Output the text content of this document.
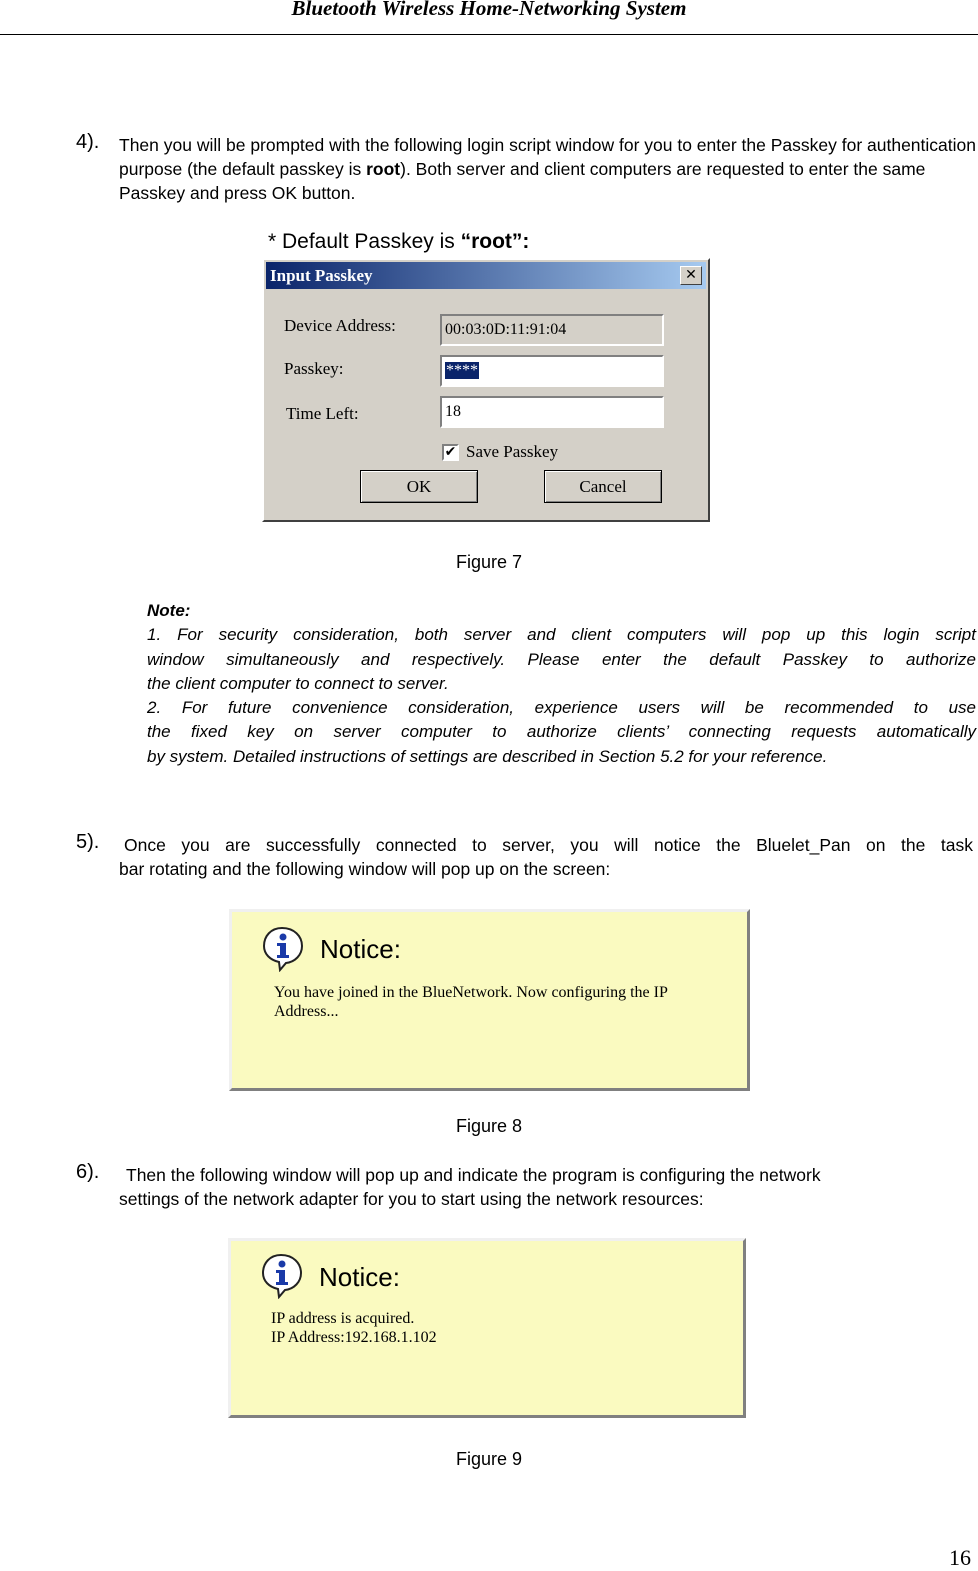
Bluetooth Wireless Home-Networking System
4). Then you will be prompted with the following login script window for you to enter the Passkey for authentication purpose (the default passkey is root). Both server and client computers are requested to enter the same Passkey and press OK button.
* Default Passkey is “root”:
Input Passkey	✕
Device Address:	00:03:0D:11:91:04
Passkey:	****
Time Left:	18
✔ Save Passkey
OK	Cancel
Figure 7
Note:
1. For security consideration, both server and client computers will pop up this login script
window simultaneously and respectively. Please enter the default Passkey to authorize
the client computer to connect to server.
2. For future convenience consideration, experience users will be recommended to use
the fixed key on server computer to authorize clients’ connecting requests automatically
by system. Detailed instructions of settings are described in Section 5.2 for your reference.
5). Once you are successfully connected to server, you will notice the Bluelet_Pan on the task
bar rotating and the following window will pop up on the screen:
Notice:
You have joined in the BlueNetwork. Now configuring the IP
Address...
Figure 8
6). Then the following window will pop up and indicate the program is configuring the network
settings of the network adapter for you to start using the network resources:
Notice:
IP address is acquired.
IP Address:192.168.1.102
Figure 9
16
